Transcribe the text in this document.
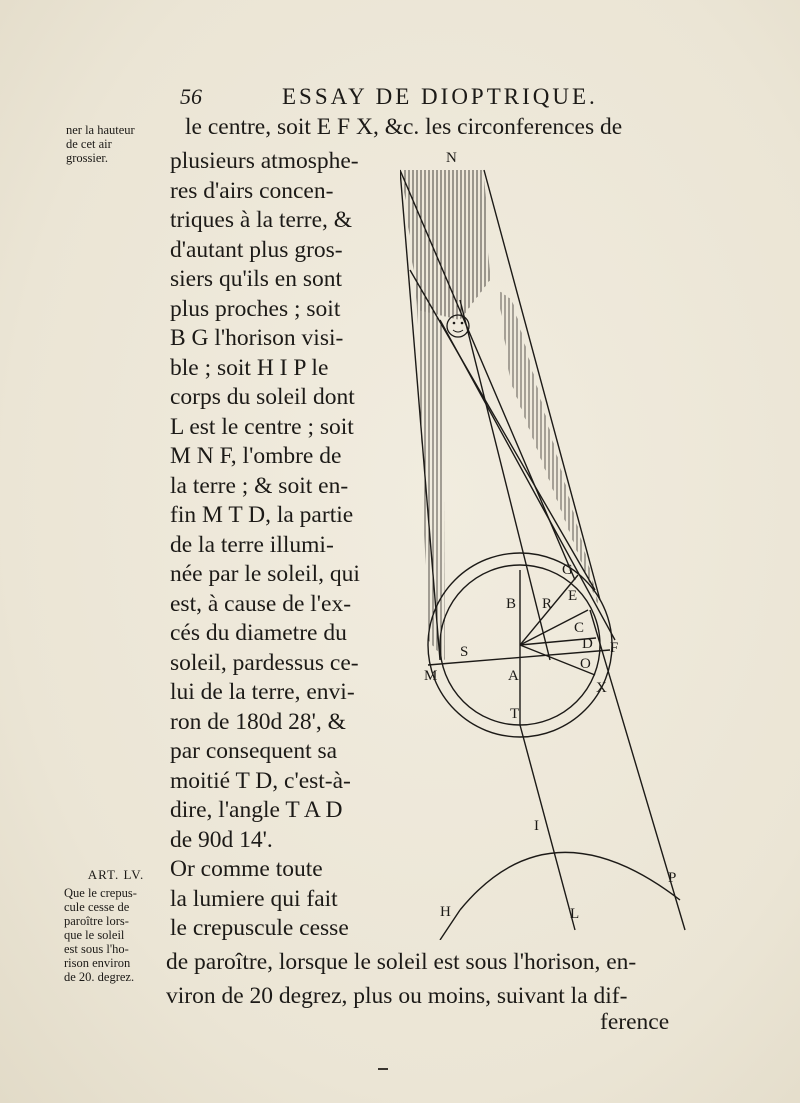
56	ESSAY DE DIOPTRIQUE.
ner la hauteur
de cet air
grossier.
le centre, soit E F X, &c. les circonferences de
plusieurs atmosphe-
res d'airs concen-
triques à la terre, &
d'autant plus gros-
siers qu'ils en sont
plus proches ; soit
B G l'horison visi-
ble ; soit H I P le
corps du soleil dont
L est le centre ; soit
M N F, l'ombre de
la terre ; & soit en-
fin M T D, la partie
de la terre illumi-
née par le soleil, qui
est, à cause de l'ex-
cés du diametre du
soleil, pardessus ce-
lui de la terre, envi-
ron de 180d 28', &
par consequent sa
moitié T D, c'est-à-
dire, l'angle T A D
de 90d 14'.
Or comme toute
la lumiere qui fait
le crepuscule cesse
ART. LV.
Que le crepus-
cule cesse de
paroître lors-
que le soleil
est sous l'ho-
rison environ
de 20. degrez.
de paroître, lorsque le soleil est sous l'horison, en-
viron de 20 degrez, plus ou moins, suivant la dif-
ference
N
G
B R E
C
D F
O
S
A
X
M
T
I
P
H	L
